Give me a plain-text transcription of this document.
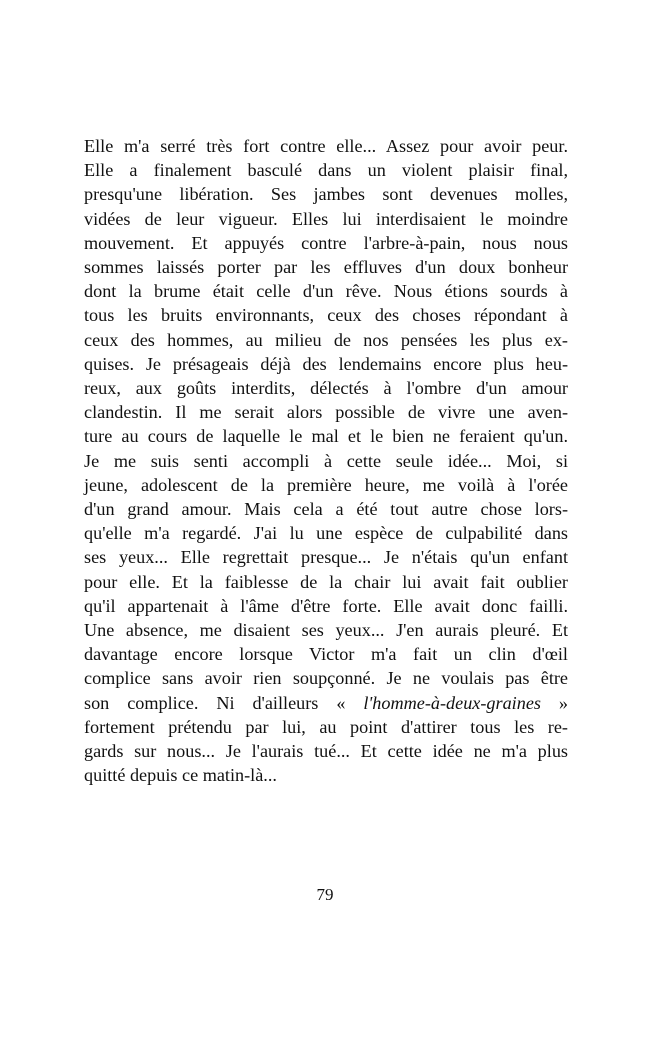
Elle m'a serré très fort contre elle... Assez pour avoir peur.
Elle a finalement basculé dans un violent plaisir final,
presqu'une libération. Ses jambes sont devenues molles,
vidées de leur vigueur. Elles lui interdisaient le moindre
mouvement. Et appuyés contre l'arbre-à-pain, nous nous
sommes laissés porter par les effluves d'un doux bonheur
dont la brume était celle d'un rêve. Nous étions sourds à
tous les bruits environnants, ceux des choses répondant à
ceux des hommes, au milieu de nos pensées les plus ex-
quises. Je présageais déjà des lendemains encore plus heu-
reux, aux goûts interdits, délectés à l'ombre d'un amour
clandestin. Il me serait alors possible de vivre une aven-
ture au cours de laquelle le mal et le bien ne feraient qu'un.
Je me suis senti accompli à cette seule idée... Moi, si
jeune, adolescent de la première heure, me voilà à l'orée
d'un grand amour. Mais cela a été tout autre chose lors-
qu'elle m'a regardé. J'ai lu une espèce de culpabilité dans
ses yeux... Elle regrettait presque... Je n'étais qu'un enfant
pour elle. Et la faiblesse de la chair lui avait fait oublier
qu'il appartenait à l'âme d'être forte. Elle avait donc failli.
Une absence, me disaient ses yeux... J'en aurais pleuré. Et
davantage encore lorsque Victor m'a fait un clin d'œil
complice sans avoir rien soupçonné. Je ne voulais pas être
son complice. Ni d'ailleurs « l'homme-à-deux-graines »
fortement prétendu par lui, au point d'attirer tous les re-
gards sur nous... Je l'aurais tué... Et cette idée ne m'a plus
quitté depuis ce matin-là...
79
